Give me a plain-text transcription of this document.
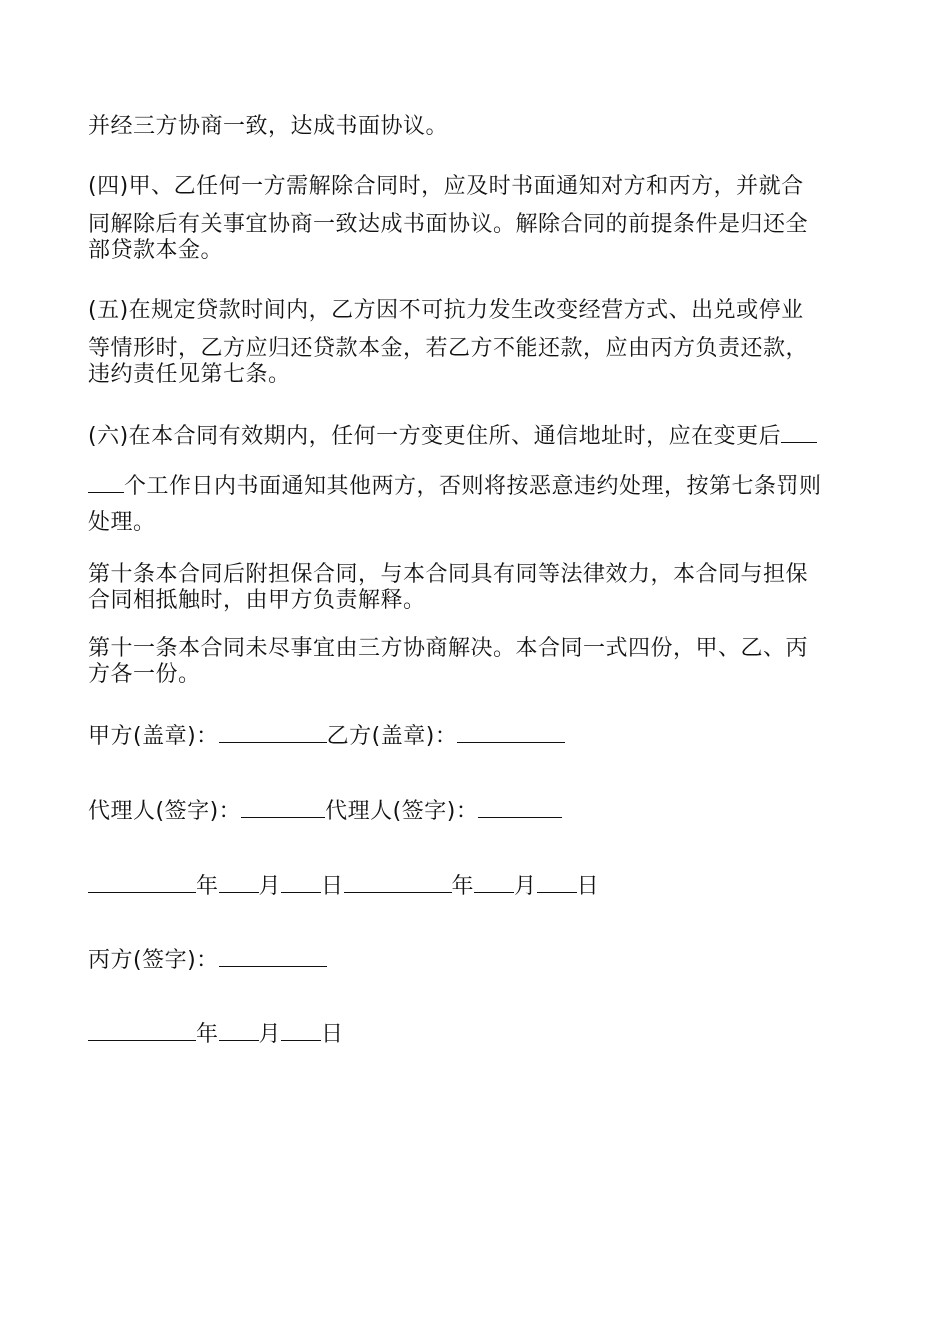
并经三方协商一致，达成书面协议。
(四)甲、乙任何一方需解除合同时，应及时书面通知对方和丙方，并就合
同解除后有关事宜协商一致达成书面协议。解除合同的前提条件是归还全
部贷款本金。
(五)在规定贷款时间内，乙方因不可抗力发生改变经营方式、出兑或停业
等情形时，乙方应归还贷款本金，若乙方不能还款，应由丙方负责还款，
违约责任见第七条。
(六)在本合同有效期内，任何一方变更住所、通信地址时，应在变更后
个工作日内书面通知其他两方，否则将按恶意违约处理，按第七条罚则
处理。
第十条本合同后附担保合同，与本合同具有同等法律效力，本合同与担保
合同相抵触时，由甲方负责解释。
第十一条本合同未尽事宜由三方协商解决。本合同一式四份，甲、乙、丙
方各一份。
甲方(盖章)：	乙方(盖章)：
代理人(签字)：	代理人(签字)：
年 月 日	年 月 日
丙方(签字)：
年 月 日
